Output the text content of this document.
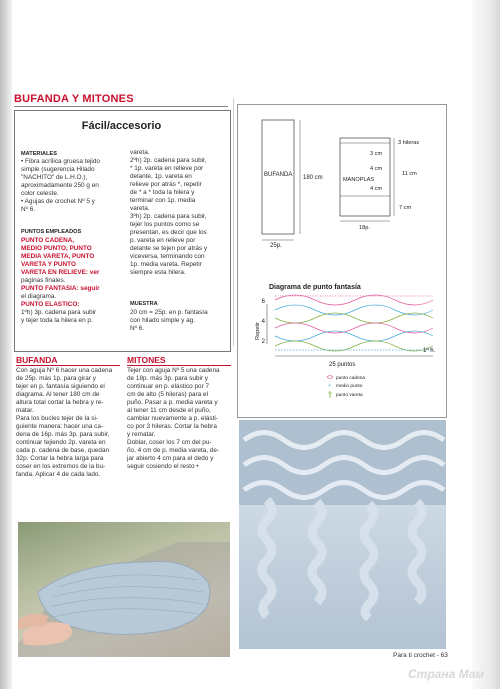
BUFANDA Y MITONES
Fácil/accesorio
MATERIALES
• Fibra acrílica gruesa tejido
simple (sugerencia Hilado
"NACHITO" de L.H.O.),
aproximadamente 250 g en
color celeste.
• Agujas de crochet Nº 5 y
Nº 6.
PUNTOS EMPLEADOS
PUNTO CADENA,
MEDIO PUNTO, PUNTO
MEDIA VARETA, PUNTO
VARETA Y PUNTO
VARETA EN RELIEVE: ver
páginas finales.
PUNTO FANTASIA: seguir
el diagrama.
PUNTO ELASTICO:
1ºh) 3p. cadena para subir
y tejer toda la hilera en p.
vareta.
2ºh) 2p. cadena para subir,
* 1p. vareta en relieve por
delante, 1p. vareta en
relieve por atrás *, repetir
de * a * toda la hilera y
terminar con 1p. media
vareta.
3ºh) 2p. cadena para subir,
tejer los puntos como se
presentan, es decir que los
p. vareta en relieve por
delante se tejen por atrás y
viceversa, terminando con
1p. media vareta. Repetir
siempre esta hilera.
MUESTRA
20 cm = 25p. en p. fantasía
con hilado simple y ag.
Nº 6.
BUFANDA
Con aguja Nº 6 hacer una cadena
de 25p. más 1p. para girar y
tejer en p. fantasía siguiendo el
diagrama. Al tener 180 cm de
altura total cortar la hebra y re-
matar.
Para los bucles tejer de la si-
guiente manera: hacer una ca-
dena de 16p. más 3p. para subir,
continuar tejiendo 2p. vareta en
cada p. cadena de base, quedan
32p. Cortar la hebra larga para
coser en los extremos de la bu-
fanda. Aplicar 4 de cada lado.
MITONES
Tejer con aguja Nº 5 una cadena
de 18p. más 3p. para subir y
continuar en p. elástico por 7
cm de alto (5 hileras) para el
puño. Pasar a p. media vareta y
al tener 11 cm desde el puño,
cambiar nuevamente a p. elásti-
co por 3 hileras. Cortar la hebra
y rematar.
Doblar, coser los 7 cm del pu-
ño, 4 cm de p. media vareta, de-
jar abierto 4 cm para el dedo y
seguir cosiendo el resto •
BUFANDA 180 cm
25p.
3 hileras
3 cm
4 cm
4 cm
11 cm
7 cm
MANOPLAS
18p.
Diagrama de punto fantasía
6
4
2
1º h.
Repetir
25 puntos
punto cadena
+ medio punto
punto vareta
Para ti crochet - 63
Страна Мам
